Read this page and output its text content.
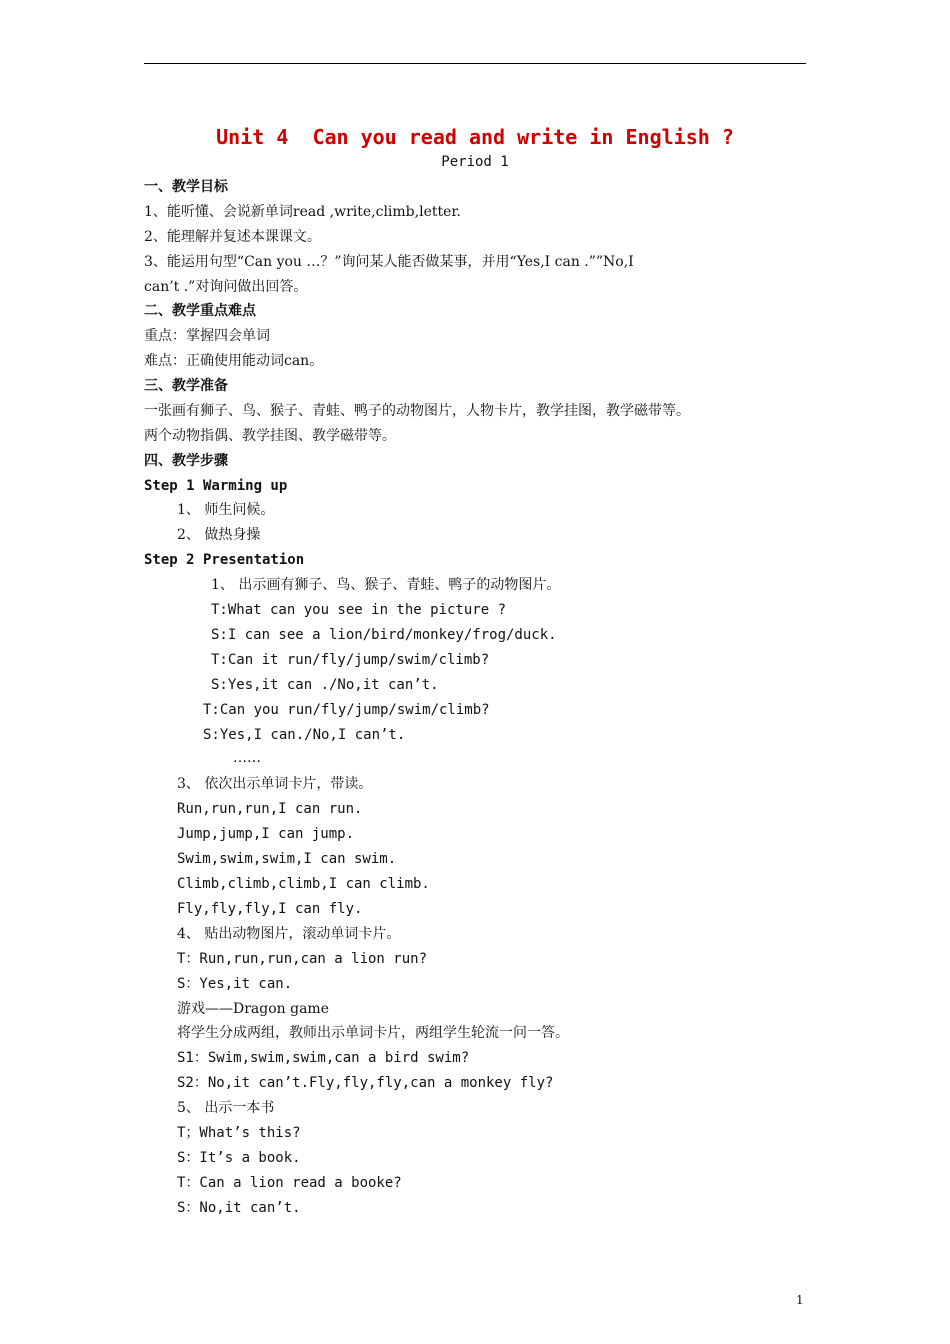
Unit 4  Can you read and write in English ?
Period 1
一、教学目标
1、能听懂、会说新单词read ,write,climb,letter.
2、能理解并复述本课课文。
3、能运用句型“Can you …？”询问某人能否做某事，并用“Yes,I can .””No,I
can’t .”对询问做出回答。
二、教学重点难点
重点：掌握四会单词
难点：正确使用能动词can。
三、教学准备
一张画有狮子、鸟、猴子、青蛙、鸭子的动物图片，人物卡片，教学挂图，教学磁带等。
两个动物指偶、教学挂图、教学磁带等。
四、教学步骤
Step 1 Warming up
1、 师生问候。
2、 做热身操
Step 2 Presentation
1、 出示画有狮子、鸟、猴子、青蛙、鸭子的动物图片。
T:What can you see in the picture ?
S:I can see a lion/bird/monkey/frog/duck.
T:Can it run/fly/jump/swim/climb?
S:Yes,it can ./No,it can’t.
T:Can you run/fly/jump/swim/climb?
S:Yes,I can./No,I can’t.
……
3、 依次出示单词卡片，带读。
Run,run,run,I can run.
Jump,jump,I can jump.
Swim,swim,swim,I can swim.
Climb,climb,climb,I can climb.
Fly,fly,fly,I can fly.
4、 贴出动物图片，滚动单词卡片。
T：Run,run,run,can a lion run?
S：Yes,it can.
游戏——Dragon game
将学生分成两组，教师出示单词卡片，两组学生轮流一问一答。
S1：Swim,swim,swim,can a bird swim?
S2：No,it can’t.Fly,fly,fly,can a monkey fly?
5、 出示一本书
T；What’s this?
S：It’s a book.
T：Can a lion read a booke?
S：No,it can’t.
1
